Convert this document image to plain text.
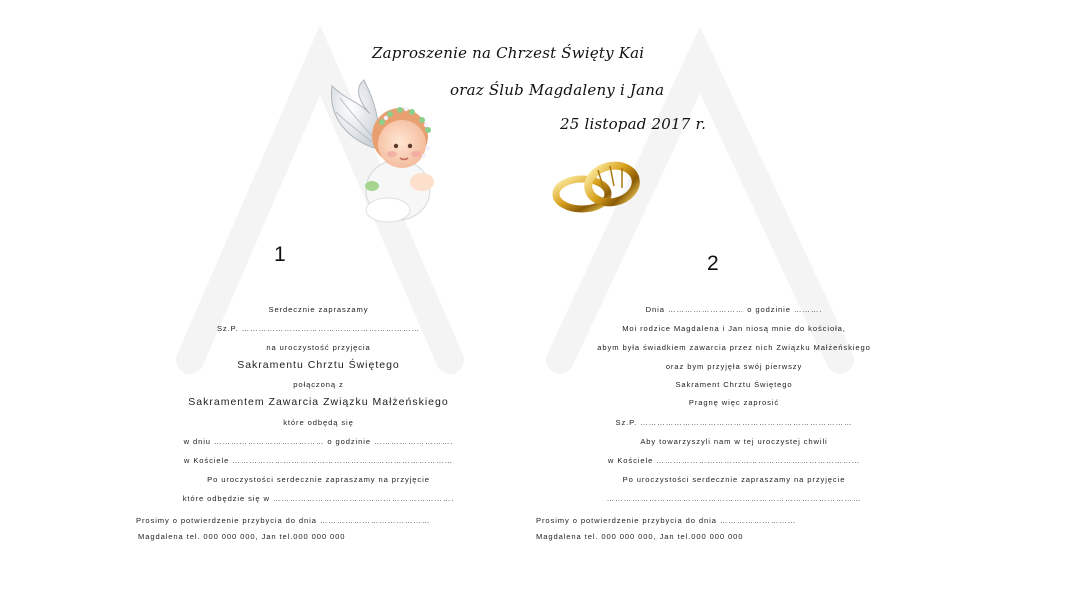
Zaproszenie na Chrzest Święty Kai
oraz Ślub Magdaleny i Jana
25 listopad 2017 r.
1	2
Serdecznie zapraszamy
Sz.P. ………………………………………………………
na uroczystość przyjęcia
Sakramentu Chrztu Świętego
połączoną z
Sakramentem Zawarcia Związku Małżeńskiego
które odbędą się
w dniu ………………………………… o godzinie ……………………….
w Kościele ……………………………………………………………………
Po uroczystości serdecznie zapraszamy na przyjęcie
które odbędzie się w ……………………………………………………….
Prosimy o potwierdzenie przybycia do dnia …………………………………
Magdalena tel. 000 000 000, Jan tel.000 000 000
Dnia ……………………… o godzinie ……….
Moi rodzice Magdalena i Jan niosą mnie do kościoła,
abym była świadkiem zawarcia przez nich Związku Małżeńskiego
oraz bym przyjęła swój pierwszy
Sakrament Chrztu Świętego
Pragnę więc zaprosić
Sz.P. …………………………………………………………………
Aby towarzyszyli nam w tej uroczystej chwili
w Kościele ………………………………………………………………
Po uroczystości serdecznie zapraszamy na przyjęcie
………………………………………………………………………………
Prosimy o potwierdzenie przybycia do dnia ………………………
Magdalena tel. 000 000 000, Jan tel.000 000 000
